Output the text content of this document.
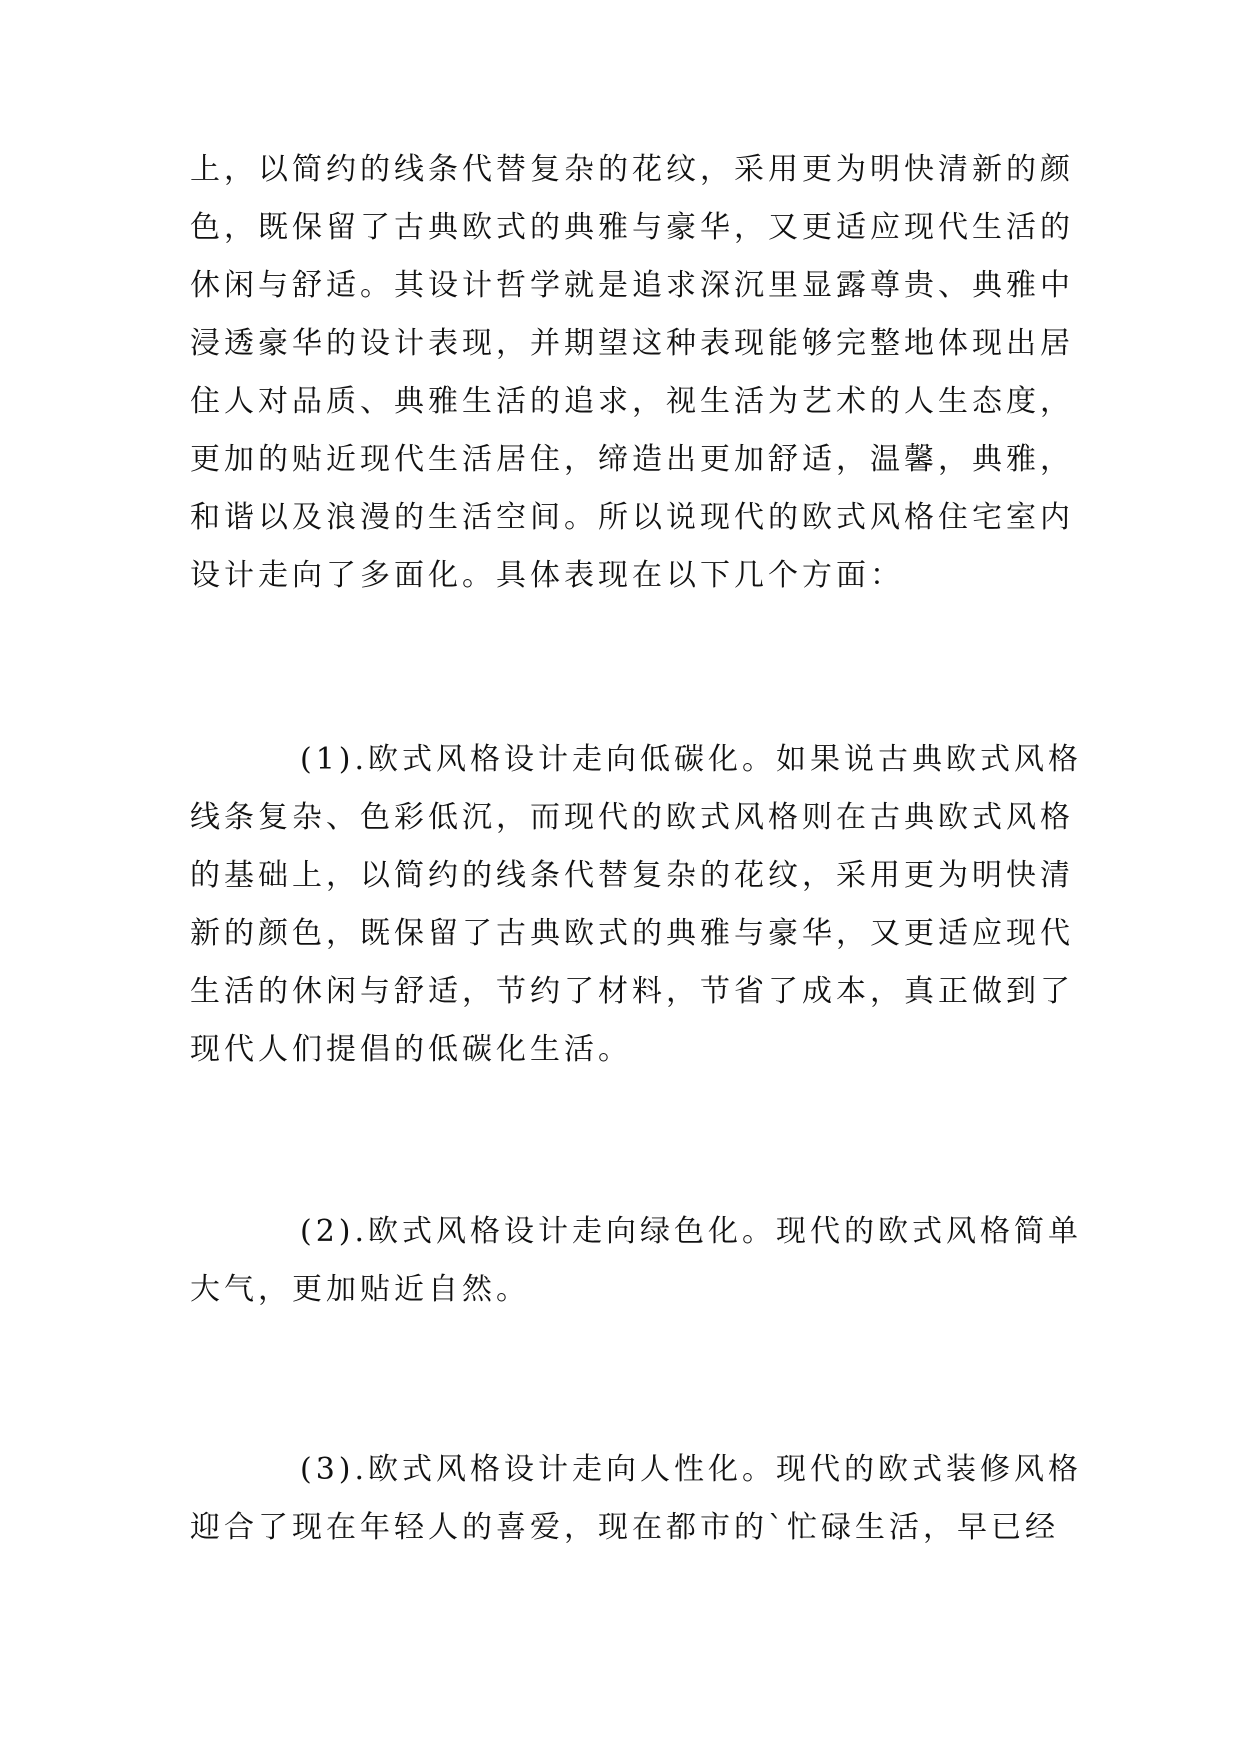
上，以简约的线条代替复杂的花纹，采用更为明快清新的颜
色，既保留了古典欧式的典雅与豪华，又更适应现代生活的
休闲与舒适。其设计哲学就是追求深沉里显露尊贵、典雅中
浸透豪华的设计表现，并期望这种表现能够完整地体现出居
住人对品质、典雅生活的追求，视生活为艺术的人生态度，
更加的贴近现代生活居住，缔造出更加舒适，温馨，典雅，
和谐以及浪漫的生活空间。所以说现代的欧式风格住宅室内
设计走向了多面化。具体表现在以下几个方面：
(1).欧式风格设计走向低碳化。如果说古典欧式风格
线条复杂、色彩低沉，而现代的欧式风格则在古典欧式风格
的基础上，以简约的线条代替复杂的花纹，采用更为明快清
新的颜色，既保留了古典欧式的典雅与豪华，又更适应现代
生活的休闲与舒适，节约了材料，节省了成本，真正做到了
现代人们提倡的低碳化生活。
(2).欧式风格设计走向绿色化。现代的欧式风格简单
大气，更加贴近自然。
(3).欧式风格设计走向人性化。现代的欧式装修风格
迎合了现在年轻人的喜爱，现在都市的`忙碌生活，早已经
